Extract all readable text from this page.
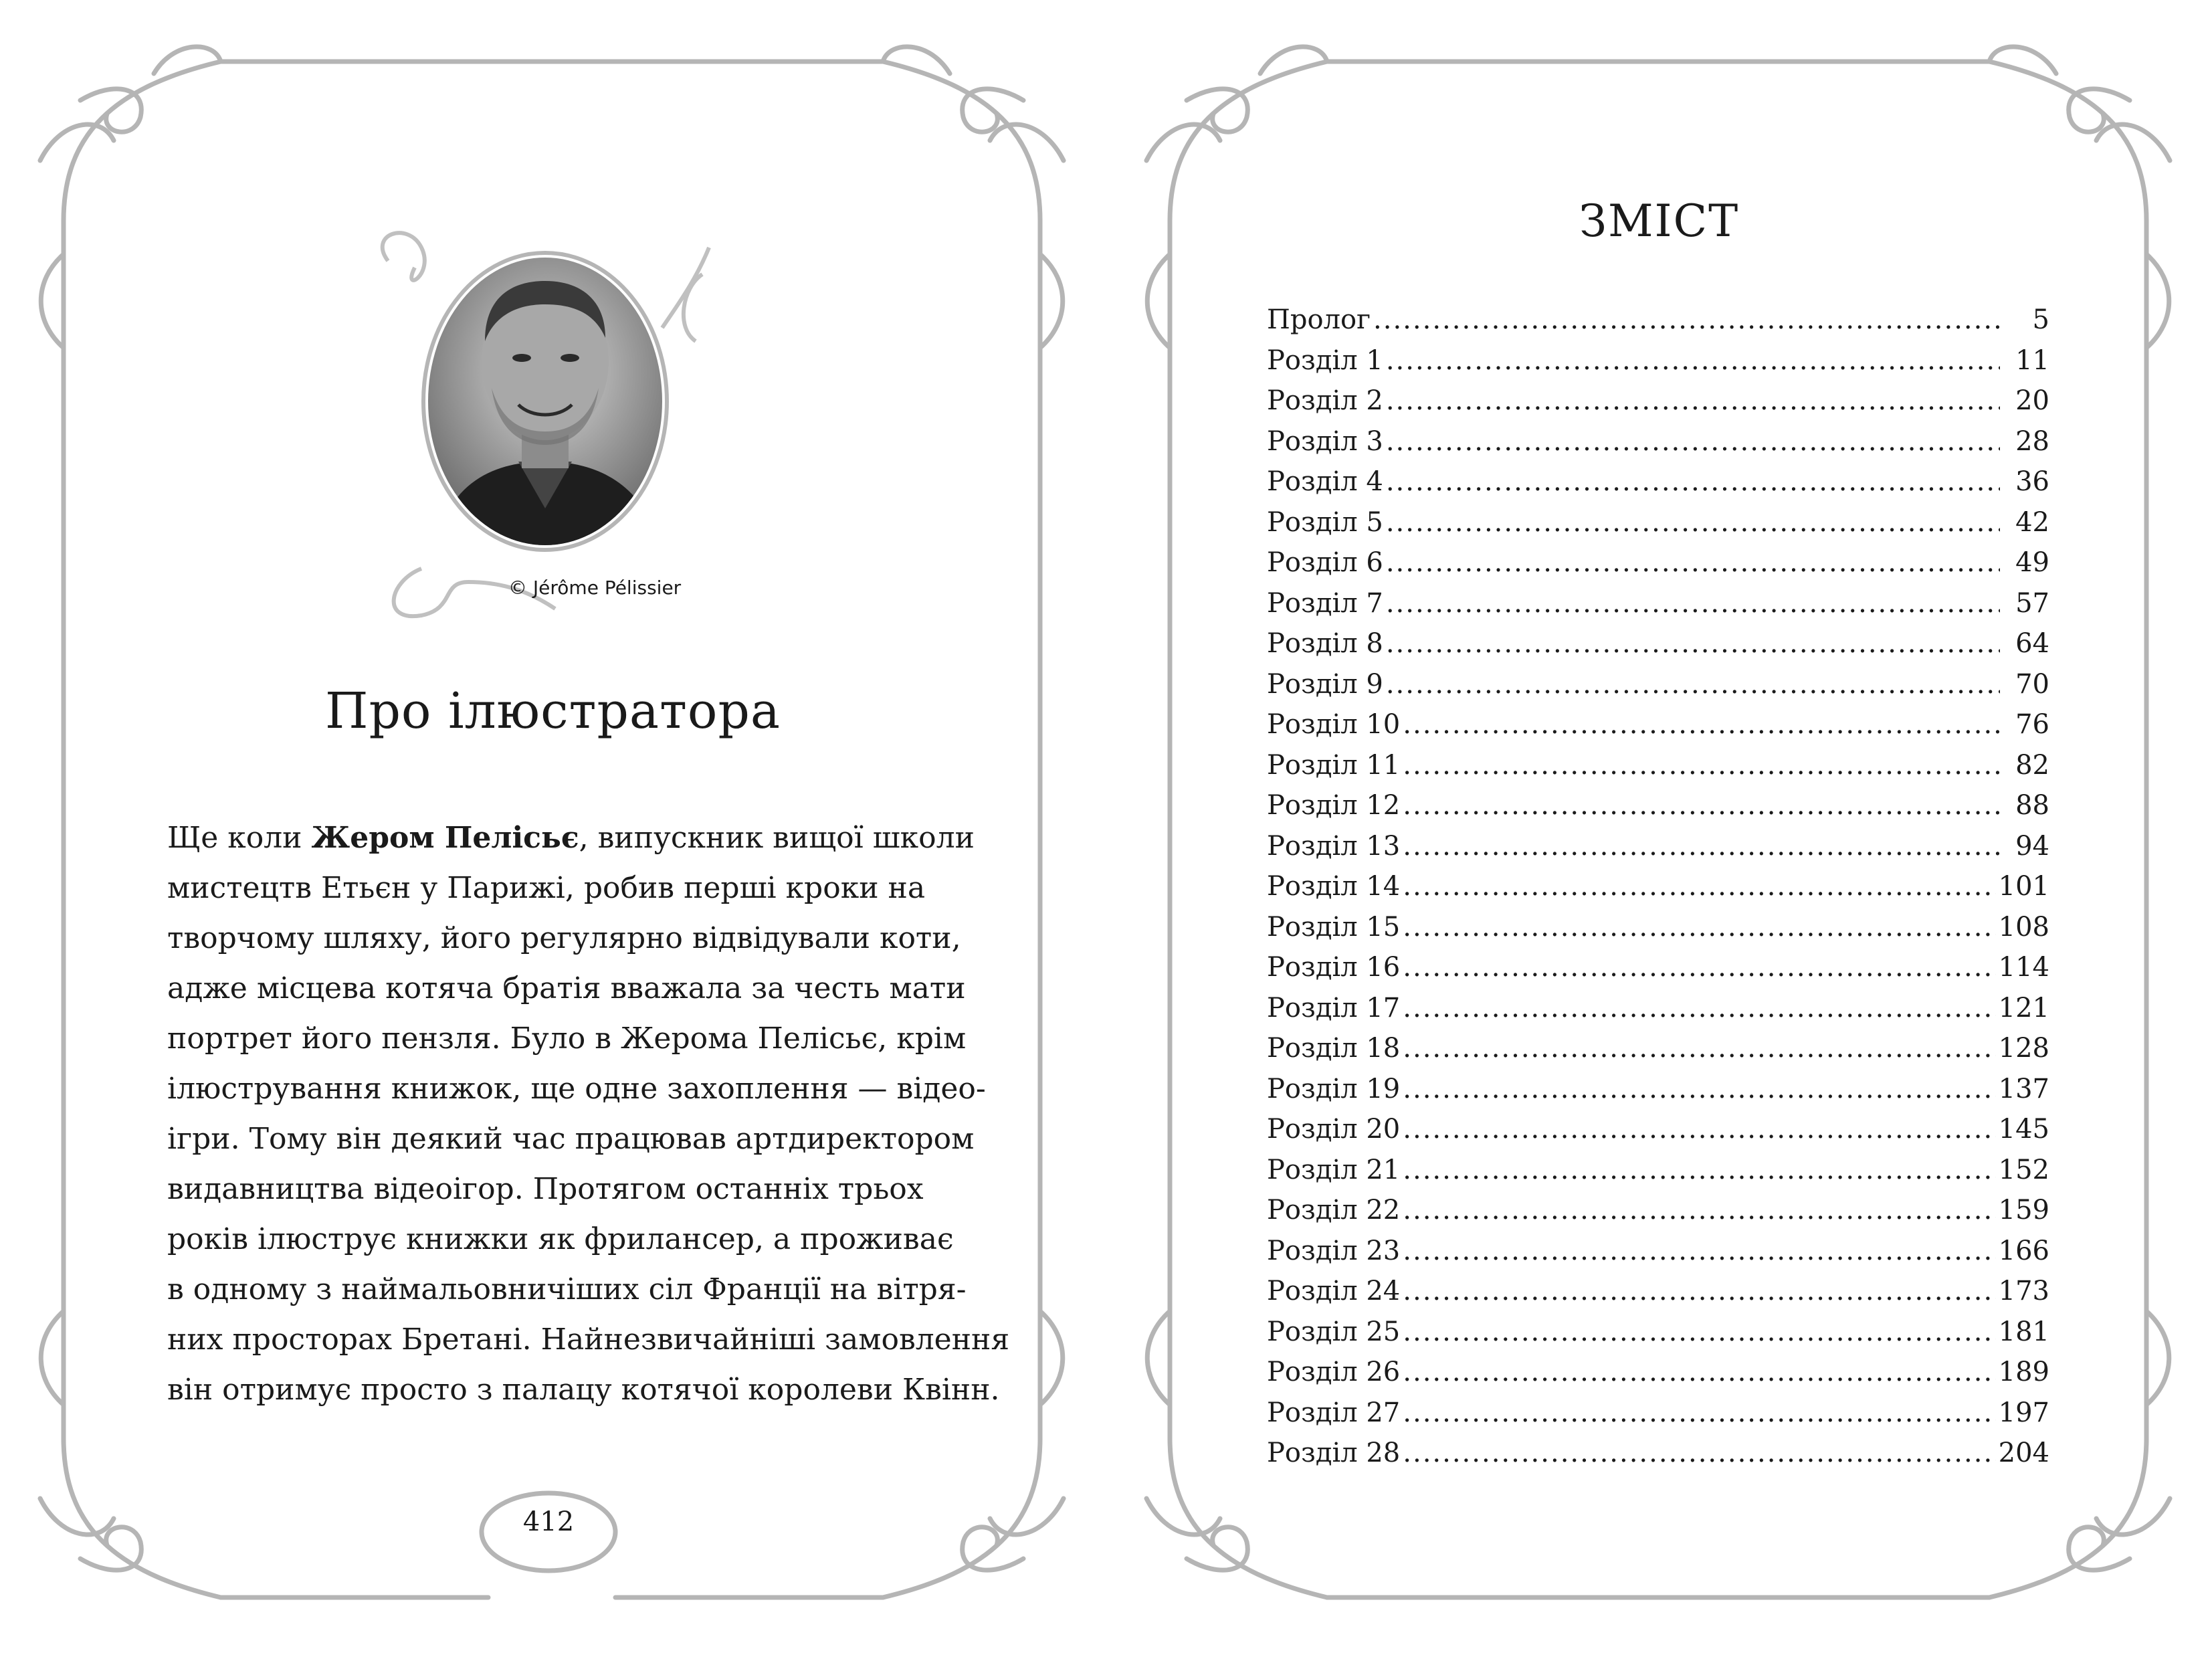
© Jérôme Pélissier
Про ілюстратора
Ще коли Жером Пелісьє, випускник вищої школи
мистецтв Етьєн у Парижі, робив перші кроки на
творчому шляху, його регулярно відвідували коти,
адже місцева котяча братія вважала за честь мати
портрет його пензля. Було в Жерома Пелісьє, крім
ілюстрування книжок, ще одне захоплення — відео-
ігри. Тому він деякий час працював артдиректором
видавництва відеоігор. Протягом останніх трьох
років ілюструє книжки як фрилансер, а проживає
в одному з наймальовничіших сіл Франції на вітря-
них просторах Бретані. Найнезвичайніші замовлення
він отримує просто з палацу котячої королеви Квінн.
412
ЗМІСТ
Пролог .....	5
Розділ 1 .....	11
Розділ 2 .....	20
Розділ 3 .....	28
Розділ 4 .....	36
Розділ 5 .....	42
Розділ 6 .....	49
Розділ 7 .....	57
Розділ 8 .....	64
Розділ 9 .....	70
Розділ 10 .....	76
Розділ 11 .....	82
Розділ 12 .....	88
Розділ 13 .....	94
Розділ 14 .....	101
Розділ 15 .....	108
Розділ 16 .....	114
Розділ 17 .....	121
Розділ 18 .....	128
Розділ 19 .....	137
Розділ 20 .....	145
Розділ 21 .....	152
Розділ 22 .....	159
Розділ 23 .....	166
Розділ 24 .....	173
Розділ 25 .....	181
Розділ 26 .....	189
Розділ 27 .....	197
Розділ 28 .....	204
